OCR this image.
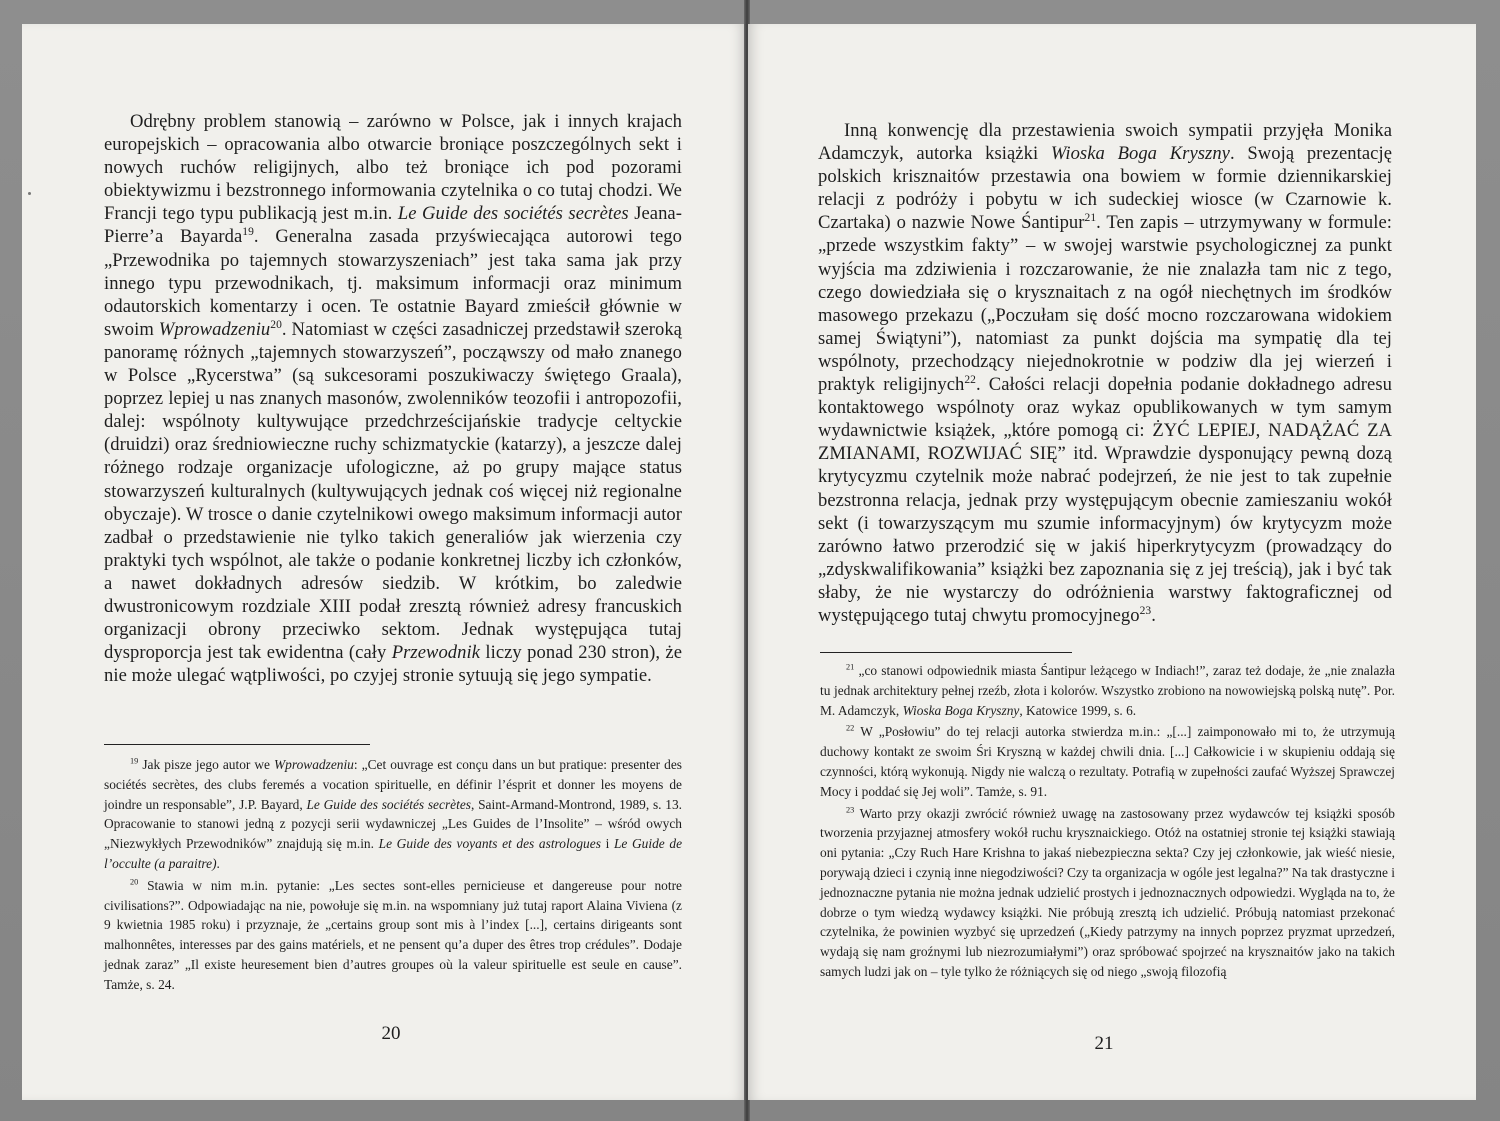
Odrębny problem stanowią – zarówno w Polsce, jak i innych krajach europejskich – opracowania albo otwarcie broniące poszczególnych sekt i nowych ruchów religijnych, albo też broniące ich pod pozorami obiektywizmu i bezstronnego informowania czytelnika o co tutaj chodzi. We Francji tego typu publikacją jest m.in. Le Guide des sociétés secrètes Jeana-Pierre’a Bayarda$^{19}$. Generalna zasada przyświecająca autorowi tego „Przewodnika po tajemnych stowarzyszeniach” jest taka sama jak przy innego typu przewodnikach, tj. maksimum informacji oraz minimum odautorskich komentarzy i ocen. Te ostatnie Bayard zmieścił głównie w swoim Wprowadzeniu$^{20}$. Natomiast w części zasadniczej przedstawił szeroką panoramę różnych „tajemnych stowarzyszeń”, począwszy od mało znanego w Polsce „Rycerstwa” (są sukcesorami poszukiwaczy świętego Graala), poprzez lepiej u nas znanych masonów, zwolenników teozofii i antropozofii, dalej: wspólnoty kultywujące przedchrześcijańskie tradycje celtyckie (druidzi) oraz średniowieczne ruchy schizmatyckie (katarzy), a jeszcze dalej różnego rodzaje organizacje ufologiczne, aż po grupy mające status stowarzyszeń kulturalnych (kultywujących jednak coś więcej niż regionalne obyczaje). W trosce o danie czytelnikowi owego maksimum informacji autor zadbał o przedstawienie nie tylko takich generaliów jak wierzenia czy praktyki tych wspólnot, ale także o podanie konkretnej liczby ich członków, a nawet dokładnych adresów siedzib. W krótkim, bo zaledwie dwustronicowym rozdziale XIII podał zresztą również adresy francuskich organizacji obrony przeciwko sektom. Jednak występująca tutaj dysproporcja jest tak ewidentna (cały Przewodnik liczy ponad 230 stron), że nie może ulegać wątpliwości, po czyjej stronie sytuują się jego sympatie.

$^{19}$ Jak pisze jego autor we Wprowadzeniu: „Cet ouvrage est conçu dans un but pratique: presenter des sociétés secrètes, des clubs feremés a vocation spirituelle, en définir l’ésprit et donner les moyens de joindre un responsable”, J.P. Bayard, Le Guide des sociétés secrètes, Saint-Armand-Montrond, 1989, s. 13. Opracowanie to stanowi jedną z pozycji serii wydawniczej „Les Guides de l’Insolite” – wśród owych „Niezwykłych Przewodników” znajdują się m.in. Le Guide des voyants et des astrologues i Le Guide de l’occulte (a paraitre).

$^{20}$ Stawia w nim m.in. pytanie: „Les sectes sont-elles pernicieuse et dangereuse pour notre civilisations?”. Odpowiadając na nie, powołuje się m.in. na wspomniany już tutaj raport Alaina Viviena (z 9 kwietnia 1985 roku) i przyznaje, że „certains group sont mis à l’index [...], certains dirigeants sont malhonnêtes, interesses par des gains matériels, et ne pensent qu’a duper des êtres trop crédules”. Dodaje jednak zaraz” „Il existe heuresement bien d’autres groupes où la valeur spirituelle est seule en cause”. Tamże, s. 24.

20

Inną konwencję dla przestawienia swoich sympatii przyjęła Monika Adamczyk, autorka książki Wioska Boga Kryszny. Swoją prezentację polskich krisznaitów przestawia ona bowiem w formie dziennikarskiej relacji z podróży i pobytu w ich sudeckiej wiosce (w Czarnowie k. Czartaka) o nazwie Nowe Śantipur$^{21}$. Ten zapis – utrzymywany w formule: „przede wszystkim fakty” – w swojej warstwie psychologicznej za punkt wyjścia ma zdziwienia i rozczarowanie, że nie znalazła tam nic z tego, czego dowiedziała się o krysznaitach z na ogół niechętnych im środków masowego przekazu („Poczułam się dość mocno rozczarowana widokiem samej Świątyni”), natomiast za punkt dojścia ma sympatię dla tej wspólnoty, przechodzący niejednokrotnie w podziw dla jej wierzeń i praktyk religijnych$^{22}$. Całości relacji dopełnia podanie dokładnego adresu kontaktowego wspólnoty oraz wykaz opublikowanych w tym samym wydawnictwie książek, „które pomogą ci: ŻYĆ LEPIEJ, NADĄŻAĆ ZA ZMIANAMI, ROZWIJAĆ SIĘ” itd. Wprawdzie dysponujący pewną dozą krytycyzmu czytelnik może nabrać podejrzeń, że nie jest to tak zupełnie bezstronna relacja, jednak przy występującym obecnie zamieszaniu wokół sekt (i towarzyszącym mu szumie informacyjnym) ów krytycyzm może zarówno łatwo przerodzić się w jakiś hiperkrytycyzm (prowadzący do „zdyskwalifikowania” książki bez zapoznania się z jej treścią), jak i być tak słaby, że nie wystarczy do odróżnienia warstwy faktograficznej od występującego tutaj chwytu promocyjnego$^{23}$.

$^{21}$ „co stanowi odpowiednik miasta Śantipur leżącego w Indiach!”, zaraz też dodaje, że „nie znalazła tu jednak architektury pełnej rzeźb, złota i kolorów. Wszystko zrobiono na nowowiejską polską nutę”. Por. M. Adamczyk, Wioska Boga Kryszny, Katowice 1999, s. 6.

$^{22}$ W „Posłowiu” do tej relacji autorka stwierdza m.in.: „[...] zaimponowało mi to, że utrzymują duchowy kontakt ze swoim Śri Kryszną w każdej chwili dnia. [...] Całkowicie i w skupieniu oddają się czynności, którą wykonują. Nigdy nie walczą o rezultaty. Potrafią w zupełności zaufać Wyższej Sprawczej Mocy i poddać się Jej woli”. Tamże, s. 91.

$^{23}$ Warto przy okazji zwrócić również uwagę na zastosowany przez wydawców tej książki sposób tworzenia przyjaznej atmosfery wokół ruchu krysznaickiego. Otóż na ostatniej stronie tej książki stawiają oni pytania: „Czy Ruch Hare Krishna to jakaś niebezpieczna sekta? Czy jej członkowie, jak wieść niesie, porywają dzieci i czynią inne niegodziwości? Czy ta organizacja w ogóle jest legalna?” Na tak drastyczne i jednoznaczne pytania nie można jednak udzielić prostych i jednoznacznych odpowiedzi. Wygląda na to, że dobrze o tym wiedzą wydawcy książki. Nie próbują zresztą ich udzielić. Próbują natomiast przekonać czytelnika, że powinien wyzbyć się uprzedzeń („Kiedy patrzymy na innych poprzez pryzmat uprzedzeń, wydają się nam groźnymi lub niezrozumiałymi”) oraz spróbować spojrzeć na krysznaitów jako na takich samych ludzi jak on – tyle tylko że różniących się od niego „swoją filozofią

21
